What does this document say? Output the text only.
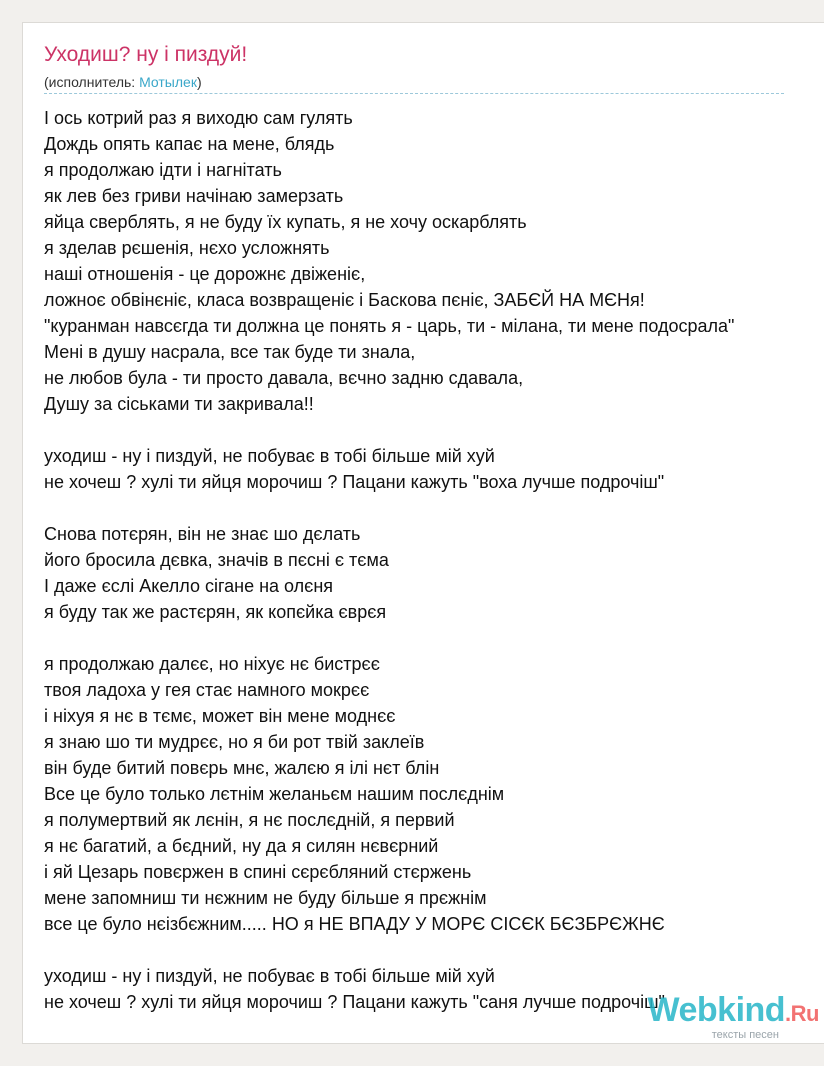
Уходиш? ну і пиздуй!
(исполнитель: Мотылек)
І ось котрий раз я виходю сам гулять
Дождь опять капає на мене, блядь
я продолжаю ідти і нагнітать
як лев без гриви начінаю замерзать
яйца сверблять, я не буду їх купать, я не хочу оскарблять
я зделав рєшенія, нєхо усложнять
наші отношенія - це дорожнє двіженіє,
ложноє обвінєніє, класа возвращеніє і Баскова пєніє, ЗАБЄЙ НА МЄНя!
"куранман навсєгда ти должна це понять я - царь, ти - мілана, ти мене подосрала"
Мені в душу насрала, все так буде ти знала,
не любов була - ти просто давала, вєчно задню сдавала,
Душу за сіськами ти закривала!!
уходиш - ну і пиздуй, не побуває в тобі більше мій хуй
не хочеш ? хулі ти яйця морочиш ? Пацани кажуть "воха лучше подрочіш"
Снова потєрян, він не знає шо дєлать
його бросила дєвка, значів в пєсні є тєма
І даже єслі Акелло сігане на олєня
я буду так же растєрян, як копєйка єврєя
я продолжаю далєє, но ніхує нє бистрєє
твоя ладоха у гея стає намного мокрєє
і ніхуя я нє в тємє, может він мене моднєє
я знаю шо ти мудрєє, но я би рот твій заклеїв
він буде битий повєрь мнє, жалєю я ілі нєт блін
Все це було только лєтнім желаньєм нашим послєднім
я полумертвий як лєнін, я нє послєдній, я первий
я нє багатий, а бєдний, ну да я силян нєвєрний
і яй Цезарь повєржен в спині сєрєбляний стєржень
мене запомниш ти нєжним не буду більше я прєжнім
все це було нєізбєжним..... НО я НЕ ВПАДУ У МОРЄ СІСЄК БЄЗБРЄЖНЄ
уходиш - ну і пиздуй, не побуває в тобі більше мій хуй
не хочеш ? хулі ти яйця морочиш ? Пацани кажуть "саня лучше подрочіш"
Webkind.Ru
тексты песен
